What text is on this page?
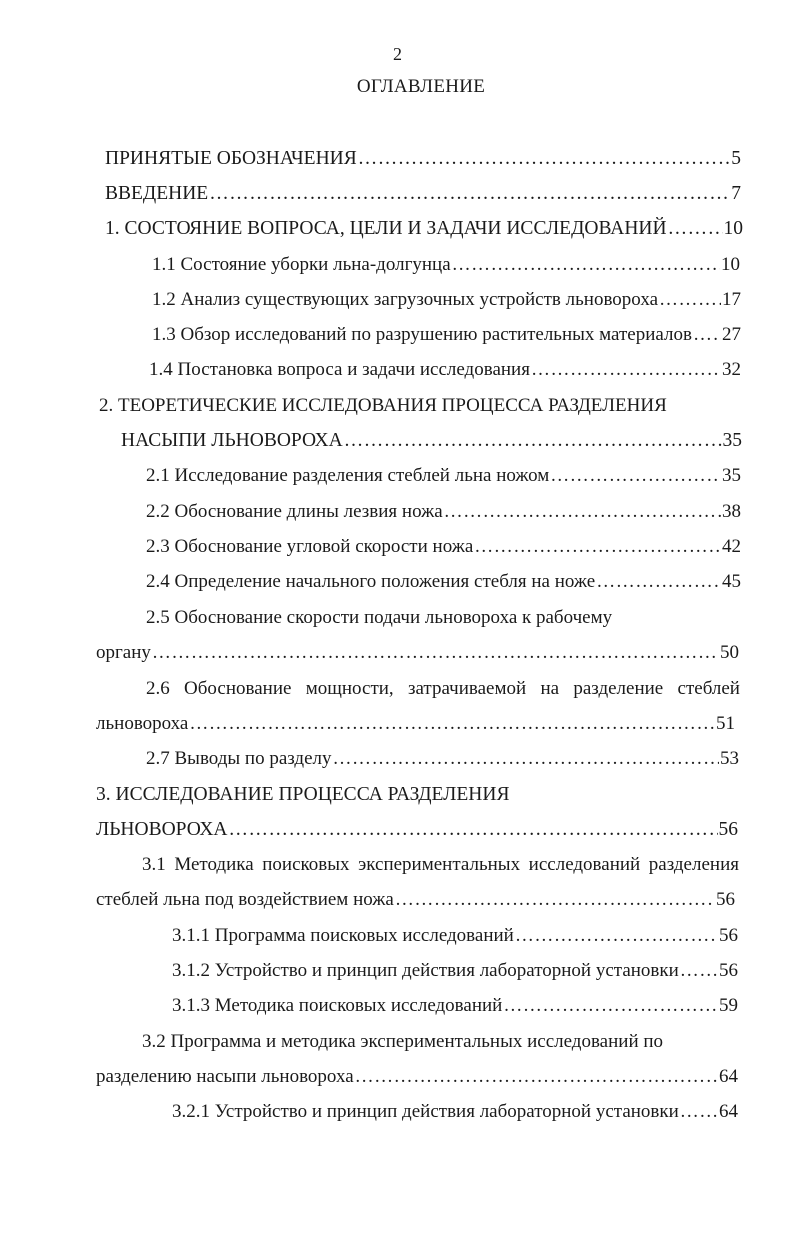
2
ОГЛАВЛЕНИЕ
ПРИНЯТЫЕ ОБОЗНАЧЕНИЯ …………………………………………………………………………………………………………………………………………………	5
ВВЕДЕНИЕ …………………………………………………………………………………………………………………………………………………	7
1. СОСТОЯНИЕ ВОПРОСА, ЦЕЛИ И ЗАДАЧИ ИССЛЕДОВАНИЙ …………………………………………………………………………………………………………………………………………………	10
1.1 Состояние уборки льна-долгунца …………………………………………………………………………………………………………………………………………………	10
1.2 Анализ существующих загрузочных устройств льновороха …………………………………………………………………………………………………………………………………………………	17
1.3 Обзор исследований по разрушению растительных материалов ………………………………………………………………………………………………………………………………………………… 27
1.4 Постановка вопроса и задачи исследования …………………………………………………………………………………………………………………………………………………	32
2. ТЕОРЕТИЧЕСКИЕ ИССЛЕДОВАНИЯ ПРОЦЕССА РАЗДЕЛЕНИЯ
НАСЫПИ ЛЬНОВОРОХА …………………………………………………………………………………………………………………………………………………	35
2.1 Исследование разделения стеблей льна ножом …………………………………………………………………………………………………………………………………………………	35
2.2 Обоснование длины лезвия ножа …………………………………………………………………………………………………………………………………………………	38
2.3 Обоснование угловой скорости ножа …………………………………………………………………………………………………………………………………………………	42
2.4 Определение начального положения стебля на ноже …………………………………………………………………………………………………………………………………………………	45
2.5 Обоснование скорости подачи льновороха к рабочему
органу …………………………………………………………………………………………………………………………………………………	50
2.6 Обоснование мощности, затрачиваемой на разделение стеблей
льновороха …………………………………………………………………………………………………………………………………………………	51
2.7 Выводы по разделу …………………………………………………………………………………………………………………………………………………	53
3. ИССЛЕДОВАНИЕ ПРОЦЕССА РАЗДЕЛЕНИЯ
ЛЬНОВОРОХА …………………………………………………………………………………………………………………………………………………	56
3.1 Методика поисковых экспериментальных исследований разделения
стеблей льна под воздействием ножа …………………………………………………………………………………………………………………………………………………	56
3.1.1 Программа поисковых исследований …………………………………………………………………………………………………………………………………………………	56
3.1.2 Устройство и принцип действия лабораторной установки ………………………………………………………………………………………………………………………………………………… 56
3.1.3 Методика поисковых исследований …………………………………………………………………………………………………………………………………………………	59
3.2 Программа и методика экспериментальных исследований по
разделению насыпи льновороха …………………………………………………………………………………………………………………………………………………	64
3.2.1 Устройство и принцип действия лабораторной установки ………………………………………………………………………………………………………………………………………………… 64
